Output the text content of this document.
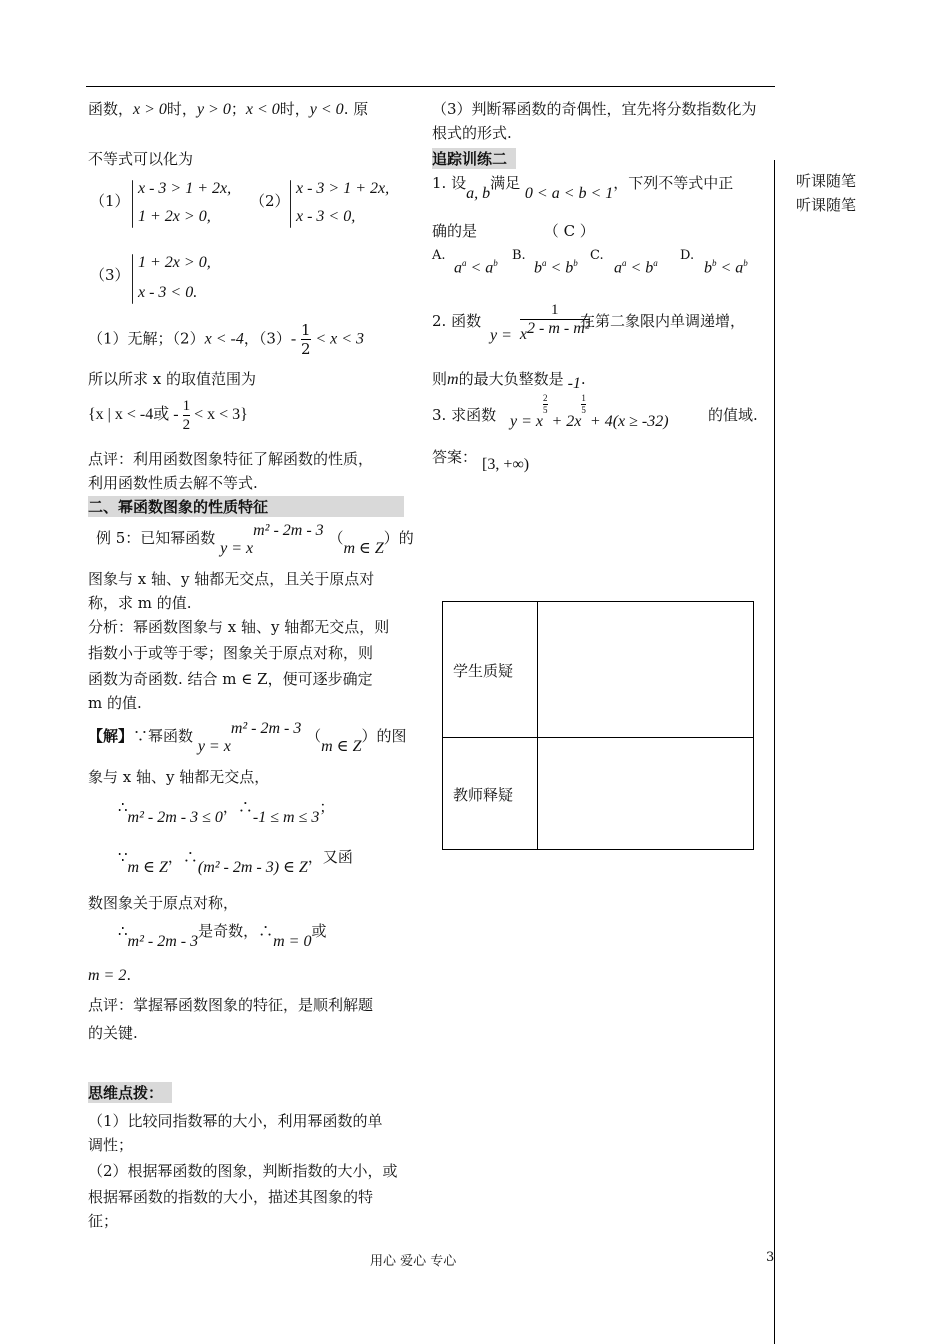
函数，x > 0时，y > 0；x < 0时，y < 0. 原
不等式可以化为
（1）
x - 3 > 1 + 2x,
1 + 2x > 0,
（2）
x - 3 > 1 + 2x,
x - 3 < 0,
（3）
1 + 2x > 0,
x - 3 < 0.
（1）无解；（2）x < -4，$(3)- \frac{1}{2} < x < 3$
所以所求 x 的取值范围为
{x | x < -4或 - $\frac{1}{2} < x < 3$}
点评：利用函数图象特征了解函数的性质，
利用函数性质去解不等式.
二、幂函数图象的性质特征
例 5：已知幂函数 $y = x^{m^2 - 2m - 3}$ （m ∈ Z）的
图象与 x 轴、y 轴都无交点，且关于原点对
称，求 m 的值.
分析：幂函数图象与 x 轴、y 轴都无交点，则
指数小于或等于零；图象关于原点对称，则
函数为奇函数. 结合 m ∈ Z，便可逐步确定
m 的值.
【解】∵幂函数 $y = x^{m^2 - 2m - 3}$ （m ∈ Z）的图
象与 x 轴、y 轴都无交点，
∴m² - 2m - 3 ≤ 0，∴-1 ≤ m ≤ 3；
∵m ∈ Z，∴(m² - 2m - 3) ∈ Z，又函
数图象关于原点对称，
∴m² - 2m - 3是奇数，∴m = 0或
m = 2.
点评：掌握幂函数图象的特征，是顺利解题
的关键.
思维点拨：
（1）比较同指数幂的大小，利用幂函数的单
调性；
（2）根据幂函数的图象，判断指数的大小，或
根据幂函数的指数的大小，描述其图象的特
征；
（3）判断幂函数的奇偶性，宜先将分数指数化为
根式的形式.
追踪训练二
1. 设a, b满足 0 < a < b < 1，下列不等式中正
确的是	（ C ）
A.
$a^a < a^b$ B.
$b^a < b^b$ C.
$a^a < b^a$ D.
$b^b < a^b$
2. 函数
$y = \frac{1}{x^{2 - m - m^2}}$
在第二象限内单调递增，
则m的最大负整数是 -1.
3. 求函数 y = x
$\frac{2}{5}$
+ 2x
$\frac{1}{5}$
+ 4(x ≥ -32)	的值域.
答案： [3, +∞)
学生质疑
教师释疑
听课随笔
听课随笔
用心 爱心 专心	3
